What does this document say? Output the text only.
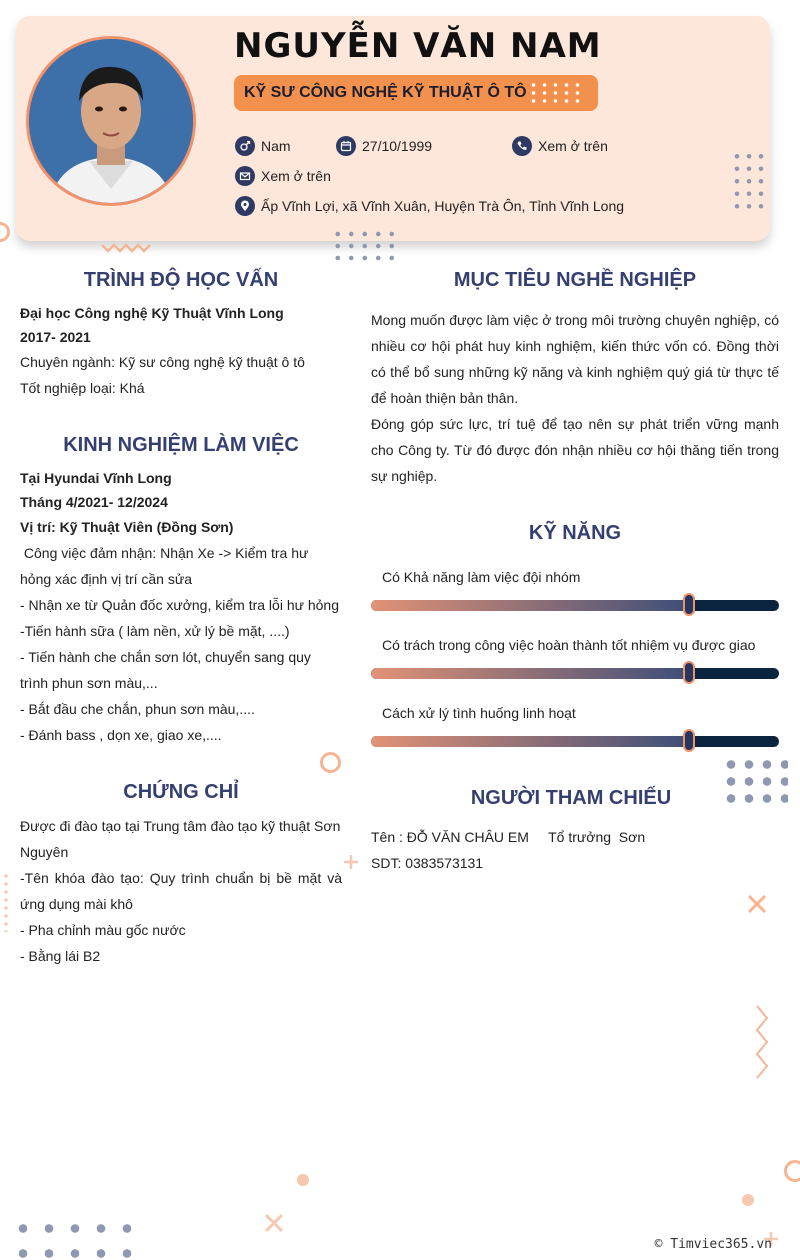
NGUYỄN VĂN NAM
KỸ SƯ CÔNG NGHỆ KỸ THUẬT Ô TÔ
Nam	27/10/1999	Xem ở trên
Xem ở trên
Ấp Vĩnh Lợi, xã Vĩnh Xuân, Huyện Trà Ôn, Tỉnh Vĩnh Long
TRÌNH ĐỘ HỌC VẤN
Đại học Công nghệ Kỹ Thuật Vĩnh Long
2017- 2021
Chuyên ngành: Kỹ sư công nghệ kỹ thuật ô tô
Tốt nghiệp loại: Khá
KINH NGHIỆM LÀM VIỆC
Tại Hyundai Vĩnh Long
Tháng 4/2021- 12/2024
Vị trí: Kỹ Thuật Viên (Đồng Sơn)
Công việc đảm nhận: Nhận Xe -> Kiểm tra hư hỏng xác định vị trí cần sửa
- Nhận xe từ Quản đốc xưởng, kiểm tra lỗi hư hỏng
-Tiến hành sữa ( làm nền, xử lý bề mặt, ....)
- Tiến hành che chắn sơn lót, chuyển sang quy trình phun sơn màu,...
- Bắt đầu che chắn, phun sơn màu,....
- Đánh bass , dọn xe, giao xe,....
CHỨNG CHỈ
Được đi đào tạo tại Trung tâm đào tạo kỹ thuật Sơn Nguyên
-Tên khóa đào tạo: Quy trình chuẩn bị bề mặt và ứng dụng mài khô
- Pha chỉnh màu gốc nước
- Bằng lái B2
MỤC TIÊU NGHỀ NGHIỆP
Mong muốn được làm việc ở trong môi trường chuyên nghiệp, có nhiều cơ hội phát huy kinh nghiệm, kiến thức vốn có. Đồng thời có thể bổ sung những kỹ năng và kinh nghiệm quý giá từ thực tế để hoàn thiện bản thân.
Đóng góp sức lực, trí tuệ để tạo nên sự phát triển vững mạnh cho Công ty. Từ đó được đón nhận nhiều cơ hội thăng tiến trong sự nghiệp.
KỸ NĂNG
Có Khả năng làm việc đội nhóm
Có trách trong công việc hoàn thành tốt nhiệm vụ được giao
Cách xử lý tình huống linh hoạt
NGƯỜI THAM CHIẾU
Tên : ĐỖ VĂN CHÂU EM     Tổ trưởng  Sơn
SDT: 0383573131
© Timviec365.vn
